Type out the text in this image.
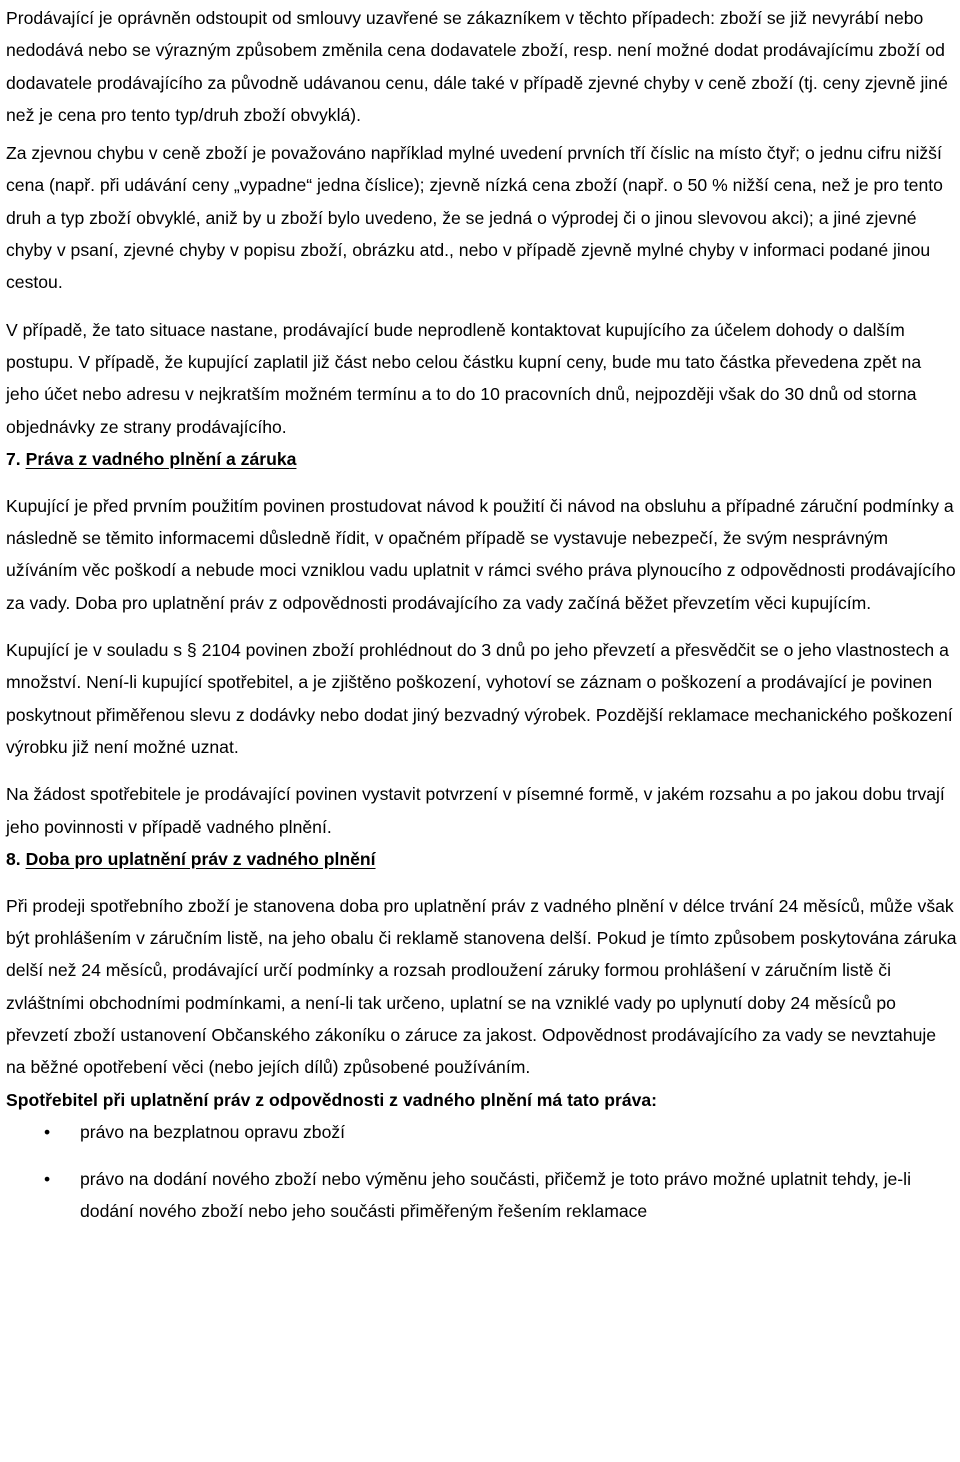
Prodávající je oprávněn odstoupit od smlouvy uzavřené se zákazníkem v těchto případech: zboží se již nevyrábí nebo nedodává nebo se výrazným způsobem změnila cena dodavatele zboží, resp. není možné dodat prodávajícímu zboží od dodavatele prodávajícího za původně udávanou cenu, dále také v případě zjevné chyby v ceně zboží (tj. ceny zjevně jiné než je cena pro tento typ/druh zboží obvyklá).

Za zjevnou chybu v ceně zboží je považováno například mylné uvedení prvních tří číslic na místo čtyř; o jednu cifru nižší cena (např. při udávání ceny „vypadne“ jedna číslice); zjevně nízká cena zboží (např. o 50 % nižší cena, než je pro tento druh a typ zboží obvyklé, aniž by u zboží bylo uvedeno, že se jedná o výprodej či o jinou slevovou akci); a jiné zjevné chyby v psaní, zjevné chyby v popisu zboží, obrázku atd., nebo v případě zjevně mylné chyby v informaci podané jinou cestou.

V případě, že tato situace nastane, prodávající bude neprodleně kontaktovat kupujícího za účelem dohody o dalším postupu. V případě, že kupující zaplatil již část nebo celou částku kupní ceny, bude mu tato částka převedena zpět na jeho účet nebo adresu v nejkratším možném termínu a to do 10 pracovních dnů, nejpozději však do 30 dnů od storna objednávky ze strany prodávajícího.

7. Práva z vadného plnění a záruka

Kupující je před prvním použitím povinen prostudovat návod k použití či návod na obsluhu a případné záruční podmínky a následně se těmito informacemi důsledně řídit, v opačném případě se vystavuje nebezpečí, že svým nesprávným užíváním věc poškodí a nebude moci vzniklou vadu uplatnit v rámci svého práva plynoucího z odpovědnosti prodávajícího za vady. Doba pro uplatnění práv z odpovědnosti prodávajícího za vady začíná běžet převzetím věci kupujícím.

Kupující je v souladu s § 2104 povinen zboží prohlédnout do 3 dnů po jeho převzetí a přesvědčit se o jeho vlastnostech a množství. Není-li kupující spotřebitel, a je zjištěno poškození, vyhotoví se záznam o poškození a prodávající je povinen poskytnout přiměřenou slevu z dodávky nebo dodat jiný bezvadný výrobek. Pozdější reklamace mechanického poškození výrobku již není možné uznat.

Na žádost spotřebitele je prodávající povinen vystavit potvrzení v písemné formě, v jakém rozsahu a po jakou dobu trvají jeho povinnosti v případě vadného plnění.

8. Doba pro uplatnění práv z vadného plnění

Při prodeji spotřebního zboží je stanovena doba pro uplatnění práv z vadného plnění v délce trvání 24 měsíců, může však být prohlášením v záručním listě, na jeho obalu či reklamě stanovena delší. Pokud je tímto způsobem poskytována záruka delší než 24 měsíců, prodávající určí podmínky a rozsah prodloužení záruky formou prohlášení v záručním listě či zvláštními obchodními podmínkami, a není-li tak určeno, uplatní se na vzniklé vady po uplynutí doby 24 měsíců po převzetí zboží ustanovení Občanského zákoníku o záruce za jakost. Odpovědnost prodávajícího za vady se nevztahuje na běžné opotřebení věci (nebo jejích dílů) způsobené používáním.

Spotřebitel při uplatnění práv z odpovědnosti z vadného plnění má tato práva:

• právo na bezplatnou opravu zboží
• právo na dodání nového zboží nebo výměnu jeho součásti, přičemž je toto právo možné uplatnit tehdy, je-li dodání nového zboží nebo jeho součásti přiměřeným řešením reklamace
